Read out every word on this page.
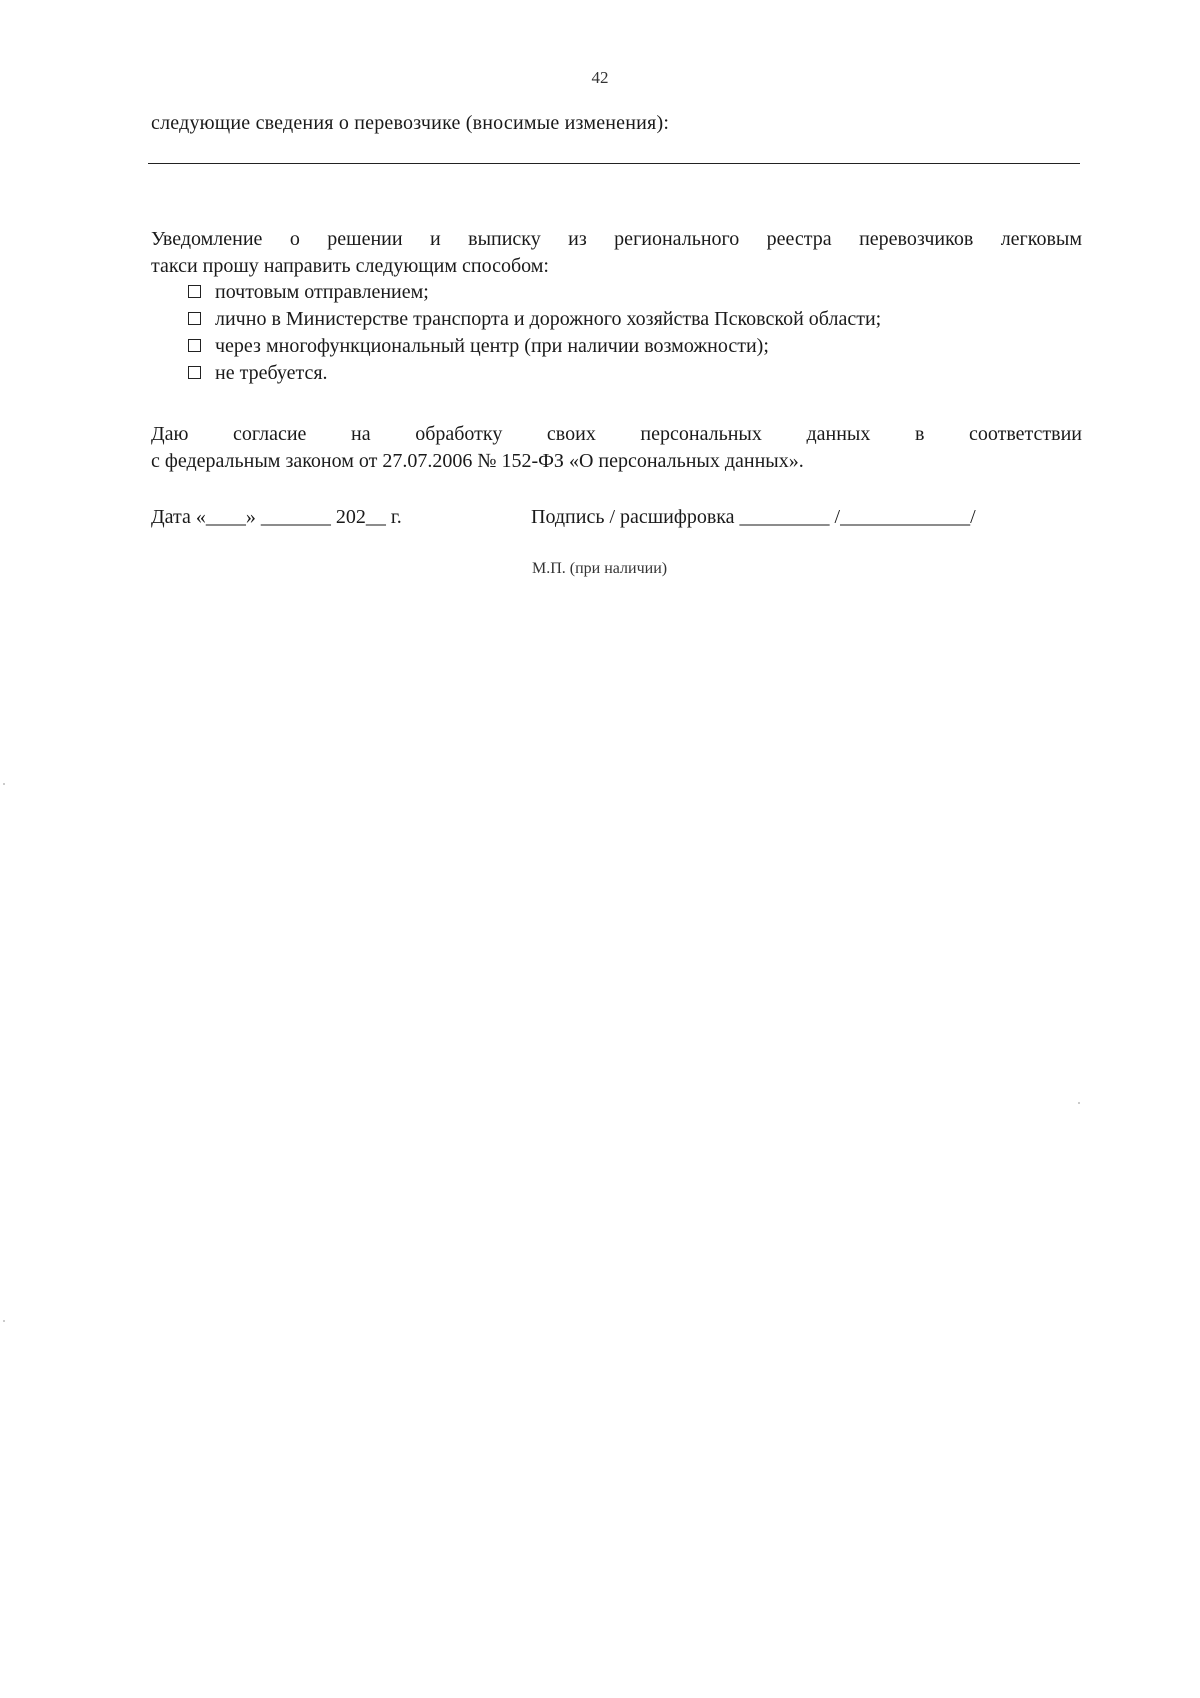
42
следующие сведения о перевозчике (вносимые изменения):
Уведомление о решении и выписку из регионального реестра перевозчиков легковым
такси прошу направить следующим способом:
почтовым отправлением;
лично в Министерстве транспорта и дорожного хозяйства Псковской области;
через многофункциональный центр (при наличии возможности);
не требуется.
Даю согласие на обработку своих персональных данных в соответствии
с федеральным законом от 27.07.2006 № 152-ФЗ «О персональных данных».
Дата «____» _______ 202__ г.	Подпись / расшифровка _________ /_____________/
М.П. (при наличии)
